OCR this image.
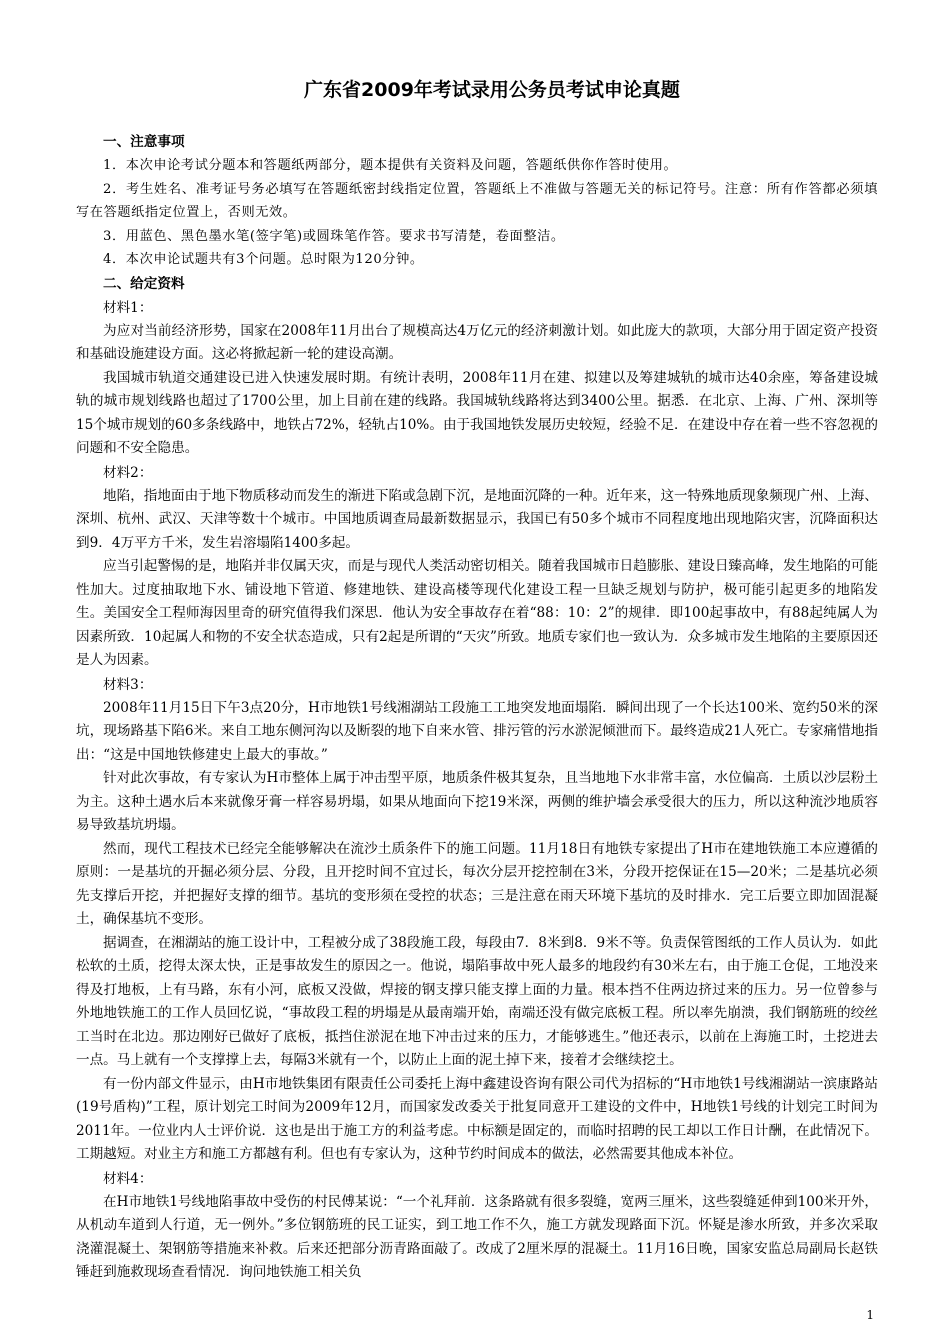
广东省2009年考试录用公务员考试申论真题

一、注意事项

1．本次申论考试分题本和答题纸两部分，题本提供有关资料及问题，答题纸供你作答时使用。

2．考生姓名、准考证号务必填写在答题纸密封线指定位置，答题纸上不准做与答题无关的标记符号。注意：所有作答都必须填写在答题纸指定位置上，否则无效。

3．用蓝色、黑色墨水笔(签字笔)或圆珠笔作答。要求书写清楚，卷面整洁。

4．本次申论试题共有3个问题。总时限为120分钟。

二、给定资料

材料1：

为应对当前经济形势，国家在2008年11月出台了规模高达4万亿元的经济刺激计划。如此庞大的款项，大部分用于固定资产投资和基础设施建设方面。这必将掀起新一轮的建设高潮。

我国城市轨道交通建设已进入快速发展时期。有统计表明，2008年11月在建、拟建以及筹建城轨的城市达40余座，筹备建设城轨的城市规划线路也超过了1700公里，加上目前在建的线路。我国城轨线路将达到3400公里。据悉．在北京、上海、广州、深圳等15个城市规划的60多条线路中，地铁占72%，轻轨占10%。由于我国地铁发展历史较短，经验不足．在建设中存在着一些不容忽视的问题和不安全隐患。

材料2：

地陷，指地面由于地下物质移动而发生的渐进下陷或急剧下沉，是地面沉降的一种。近年来，这一特殊地质现象频现广州、上海、深圳、杭州、武汉、天津等数十个城市。中国地质调查局最新数据显示，我国已有50多个城市不同程度地出现地陷灾害，沉降面积达到9．4万平方千米，发生岩溶塌陷1400多起。

应当引起警惕的是，地陷并非仅属天灾，而是与现代人类活动密切相关。随着我国城市日趋膨胀、建设日臻高峰，发生地陷的可能性加大。过度抽取地下水、铺设地下管道、修建地铁、建设高楼等现代化建设工程一旦缺乏规划与防护，极可能引起更多的地陷发生。美国安全工程师海因里奇的研究值得我们深思．他认为安全事故存在着“88：10：2”的规律．即100起事故中，有88起纯属人为因素所致．10起属人和物的不安全状态造成，只有2起是所谓的“天灾”所致。地质专家们也一致认为．众多城市发生地陷的主要原因还是人为因素。

材料3：

2008年11月15日下午3点20分，H市地铁1号线湘湖站工段施工工地突发地面塌陷．瞬间出现了一个长达100米、宽约50米的深坑，现场路基下陷6米。来自工地东侧河沟以及断裂的地下自来水管、排污管的污水淤泥倾泄而下。最终造成21人死亡。专家痛惜地指出：“这是中国地铁修建史上最大的事故。”

针对此次事故，有专家认为H市整体上属于冲击型平原，地质条件极其复杂，且当地地下水非常丰富，水位偏高．土质以沙层粉土为主。这种土遇水后本来就像牙膏一样容易坍塌，如果从地面向下挖19米深，两侧的维护墙会承受很大的压力，所以这种流沙地质容易导致基坑坍塌。

然而，现代工程技术已经完全能够解决在流沙土质条件下的施工问题。11月18日有地铁专家提出了H市在建地铁施工本应遵循的原则：一是基坑的开掘必须分层、分段，且开挖时间不宜过长，每次分层开挖控制在3米，分段开挖保证在15—20米；二是基坑必须先支撑后开挖，并把握好支撑的细节。基坑的变形须在受控的状态；三是注意在雨天环境下基坑的及时排水．完工后要立即加固混凝土，确保基坑不变形。

据调查，在湘湖站的施工设计中，工程被分成了38段施工段，每段由7．8米到8．9米不等。负责保管图纸的工作人员认为．如此松软的土质，挖得太深太快，正是事故发生的原因之一。他说，塌陷事故中死人最多的地段约有30米左右，由于施工仓促，工地没来得及打地板，上有马路，东有小河，底板又没做，焊接的钢支撑只能支撑上面的力量。根本挡不住两边挤过来的压力。另一位曾参与外地地铁施工的工作人员回忆说，“事故段工程的坍塌是从最南端开始，南端还没有做完底板工程。所以率先崩溃，我们钢筋班的绞丝工当时在北边。那边刚好已做好了底板，抵挡住淤泥在地下冲击过来的压力，才能够逃生。”他还表示，以前在上海施工时，土挖进去一点。马上就有一个支撑撑上去，每隔3米就有一个，以防止上面的泥土掉下来，接着才会继续挖土。

有一份内部文件显示，由H市地铁集团有限责任公司委托上海中鑫建设咨询有限公司代为招标的“H市地铁1号线湘湖站一滨康路站(19号盾构)”工程，原计划完工时间为2009年12月，而国家发改委关于批复同意开工建设的文件中，H地铁1号线的计划完工时间为2011年。一位业内人士评价说．这也是出于施工方的利益考虑。中标额是固定的，而临时招聘的民工却以工作日计酬，在此情况下。工期越短。对业主方和施工方都越有利。但也有专家认为，这种节约时间成本的做法，必然需要其他成本补位。

材料4：

在H市地铁1号线地陷事故中受伤的村民傅某说：“一个礼拜前．这条路就有很多裂缝，宽两三厘米，这些裂缝延伸到100米开外，从机动车道到人行道，无一例外。”多位钢筋班的民工证实，到工地工作不久，施工方就发现路面下沉。怀疑是渗水所致，并多次采取浇灌混凝土、架钢筋等措施来补救。后来还把部分沥青路面敲了。改成了2厘米厚的混凝土。11月16日晚，国家安监总局副局长赵铁锤赶到施救现场查看情况．询问地铁施工相关负

1
